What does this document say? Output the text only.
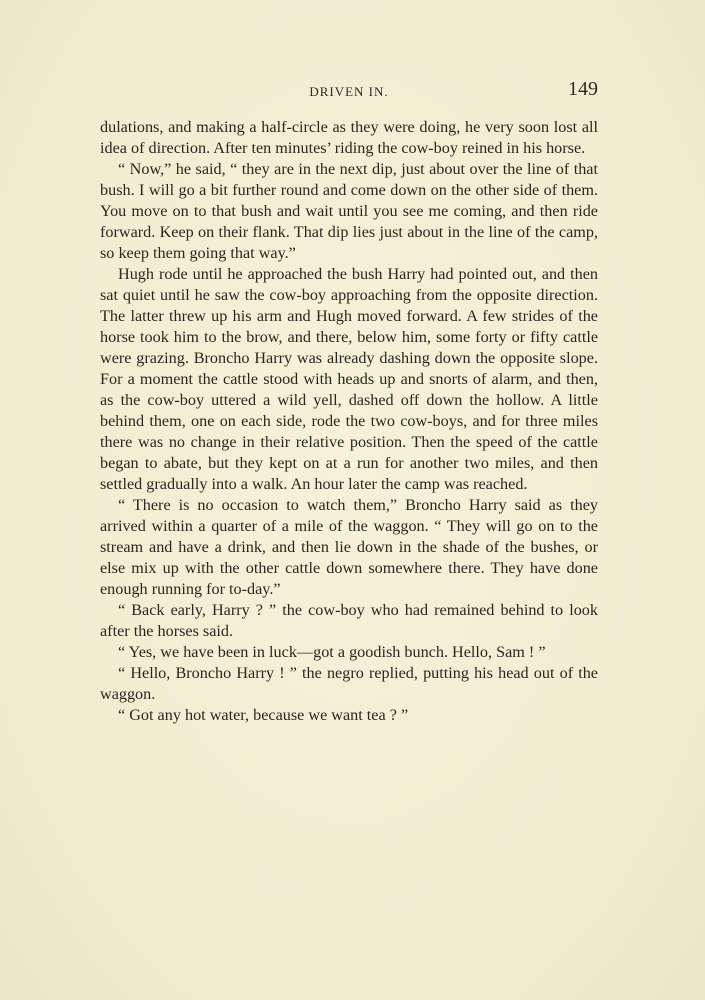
DRIVEN IN.	149

dulations, and making a half-circle as they were doing, he very soon lost all idea of direction. After ten minutes’ riding the cow-boy reined in his horse.

“ Now,” he said, “ they are in the next dip, just about over the line of that bush. I will go a bit further round and come down on the other side of them. You move on to that bush and wait until you see me coming, and then ride forward. Keep on their flank. That dip lies just about in the line of the camp, so keep them going that way.”

Hugh rode until he approached the bush Harry had pointed out, and then sat quiet until he saw the cow-boy approaching from the opposite direction. The latter threw up his arm and Hugh moved forward. A few strides of the horse took him to the brow, and there, below him, some forty or fifty cattle were grazing. Broncho Harry was already dashing down the opposite slope. For a moment the cattle stood with heads up and snorts of alarm, and then, as the cow-boy uttered a wild yell, dashed off down the hollow. A little behind them, one on each side, rode the two cow-boys, and for three miles there was no change in their relative position. Then the speed of the cattle began to abate, but they kept on at a run for another two miles, and then settled gradually into a walk. An hour later the camp was reached.

“ There is no occasion to watch them,” Broncho Harry said as they arrived within a quarter of a mile of the waggon. “ They will go on to the stream and have a drink, and then lie down in the shade of the bushes, or else mix up with the other cattle down somewhere there. They have done enough running for to-day.”

“ Back early, Harry ? ” the cow-boy who had remained behind to look after the horses said.

“ Yes, we have been in luck—got a goodish bunch. Hello, Sam ! ”

“ Hello, Broncho Harry ! ” the negro replied, putting his head out of the waggon.

“ Got any hot water, because we want tea ? ”
